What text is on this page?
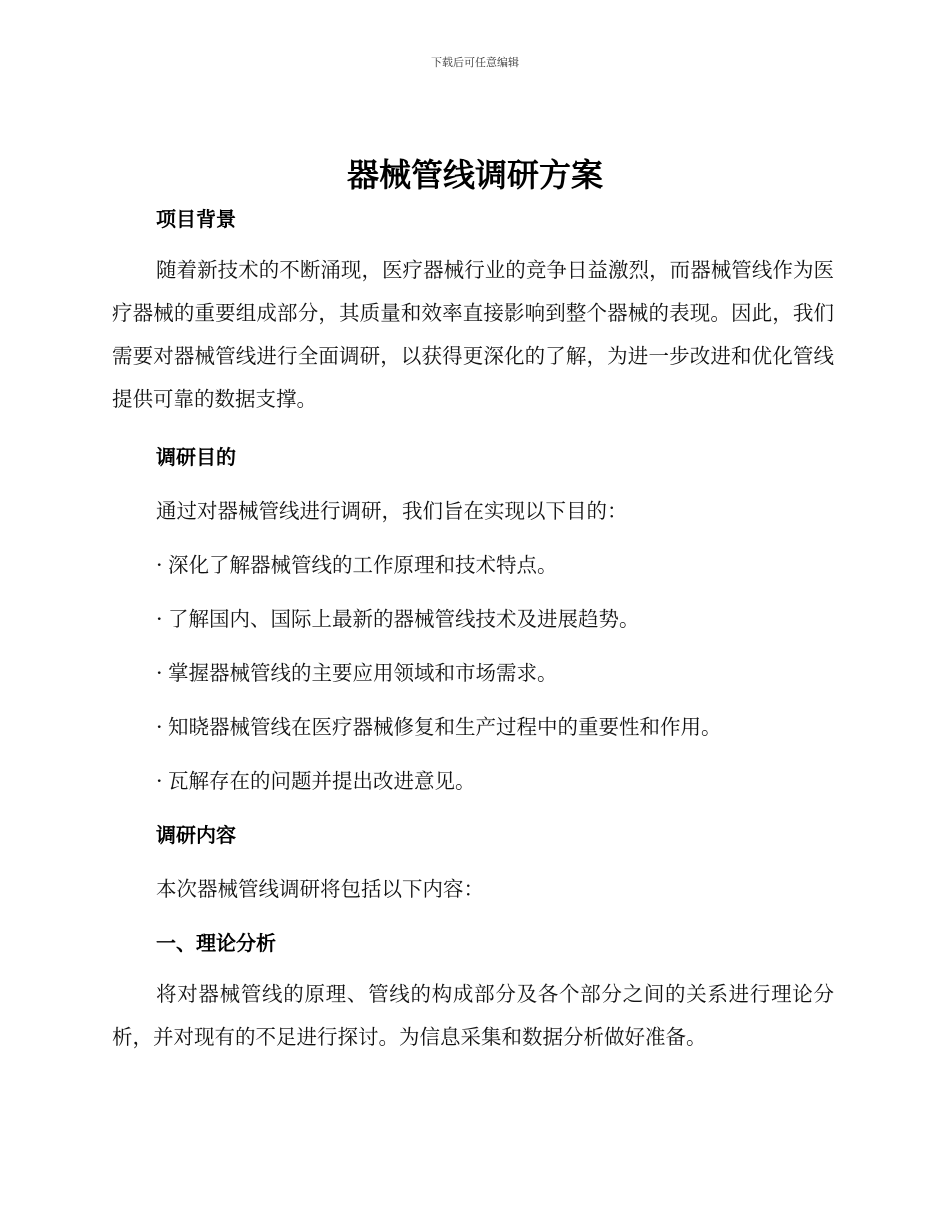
下载后可任意编辑
器械管线调研方案
项目背景

随着新技术的不断涌现，医疗器械行业的竞争日益激烈，而器械管线作为医疗器械的重要组成部分，其质量和效率直接影响到整个器械的表现。因此，我们需要对器械管线进行全面调研，以获得更深化的了解，为进一步改进和优化管线提供可靠的数据支撑。

调研目的

通过对器械管线进行调研，我们旨在实现以下目的：

· 深化了解器械管线的工作原理和技术特点。

· 了解国内、国际上最新的器械管线技术及进展趋势。

· 掌握器械管线的主要应用领域和市场需求。

· 知晓器械管线在医疗器械修复和生产过程中的重要性和作用。

· 瓦解存在的问题并提出改进意见。

调研内容

本次器械管线调研将包括以下内容：

一、理论分析

将对器械管线的原理、管线的构成部分及各个部分之间的关系进行理论分析，并对现有的不足进行探讨。为信息采集和数据分析做好准备。
